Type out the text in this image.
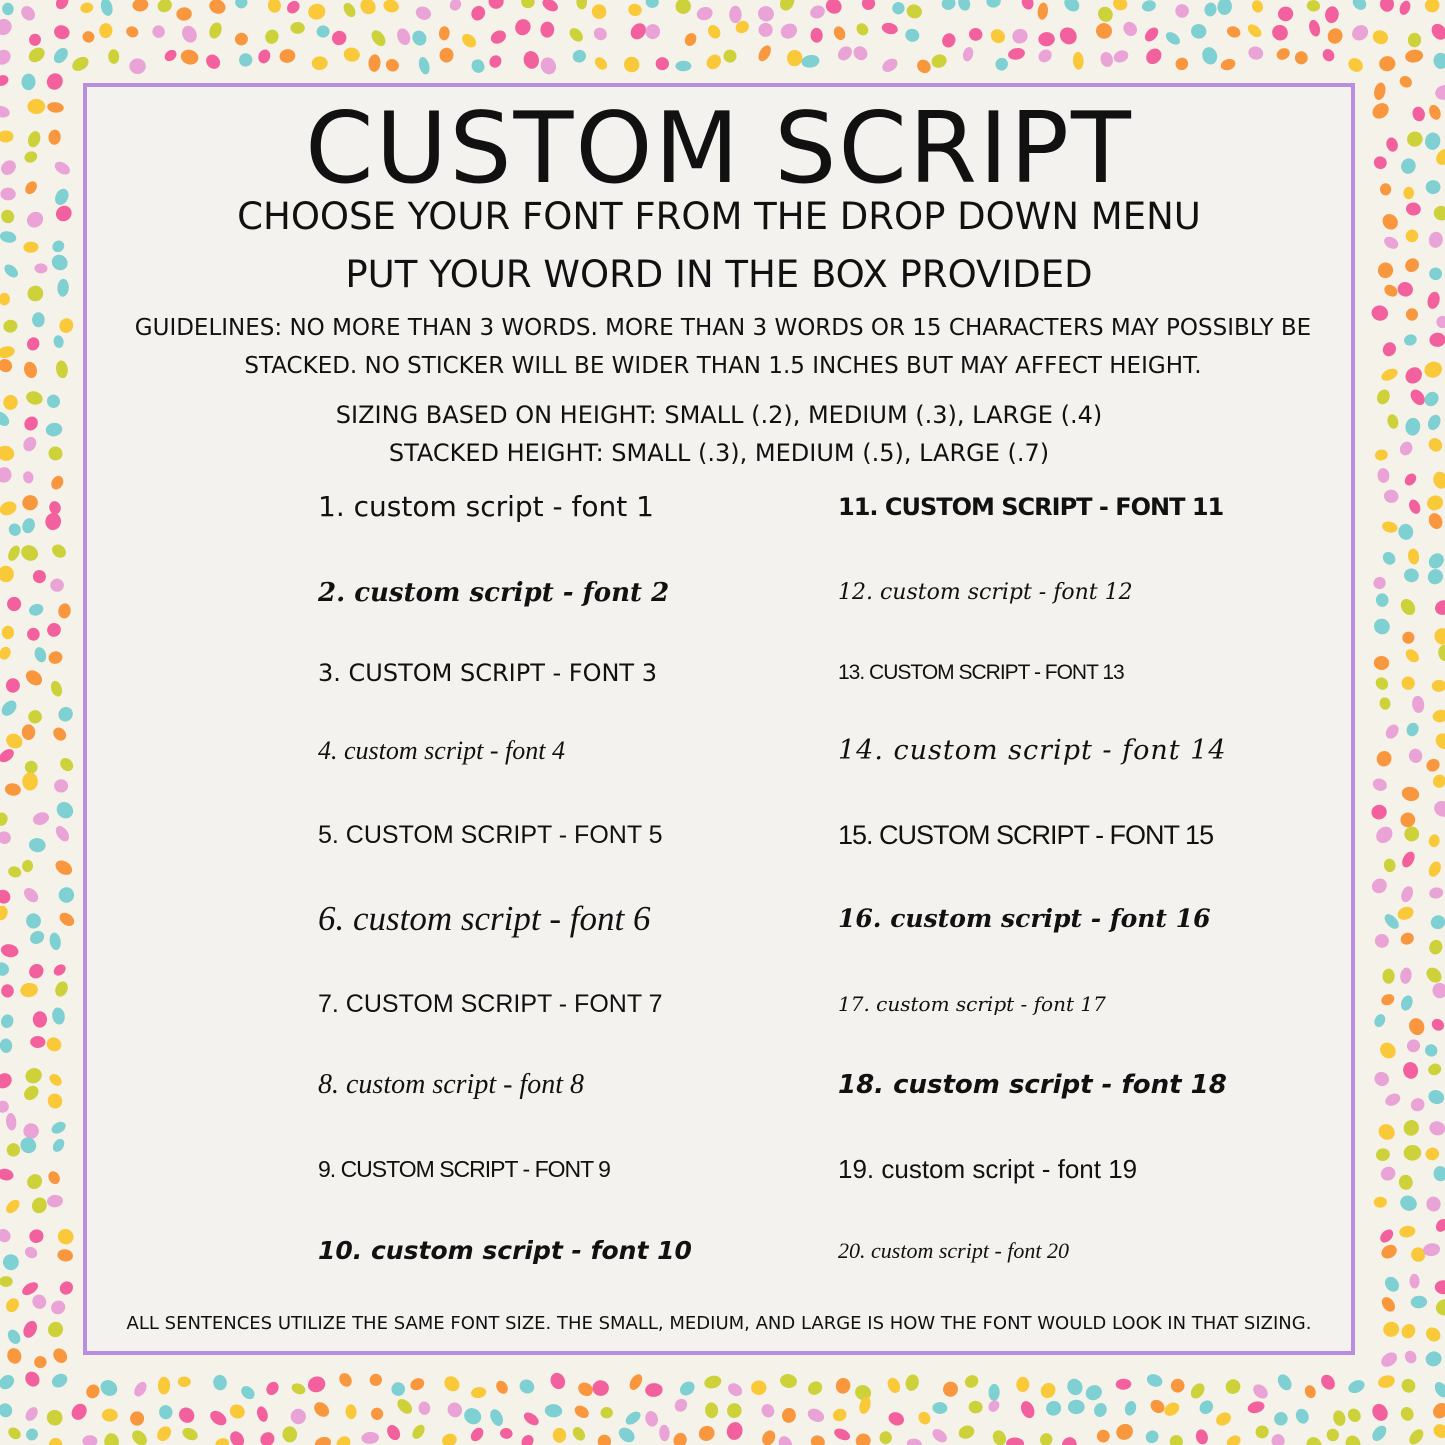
CUSTOM SCRIPT

CHOOSE YOUR FONT FROM THE DROP DOWN MENU

PUT YOUR WORD IN THE BOX PROVIDED

GUIDELINES: NO MORE THAN 3 WORDS. MORE THAN 3 WORDS OR 15 CHARACTERS MAY POSSIBLY BE
STACKED. NO STICKER WILL BE WIDER THAN 1.5 INCHES BUT MAY AFFECT HEIGHT.

SIZING BASED ON HEIGHT: SMALL (.2), MEDIUM (.3), LARGE (.4)

STACKED HEIGHT: SMALL (.3), MEDIUM (.5), LARGE (.7)

1. custom script - font 1
2. custom script - font 2
3. CUSTOM SCRIPT - FONT 3
4. custom script - font 4
5. CUSTOM SCRIPT - FONT 5
6. custom script - font 6
7. CUSTOM SCRIPT - FONT 7
8. custom script - font 8
9. CUSTOM SCRIPT - FONT 9
10. custom script - font 10
11. CUSTOM SCRIPT - FONT 11
12. custom script - font 12
13. CUSTOM SCRIPT - FONT 13
14. custom script - font 14
15. CUSTOM SCRIPT - FONT 15
16. custom script - font 16
17. custom script - font 17
18. custom script - font 18
19. custom script - font 19
20. custom script - font 20

ALL SENTENCES UTILIZE THE SAME FONT SIZE. THE SMALL, MEDIUM, AND LARGE IS HOW THE FONT WOULD LOOK IN THAT SIZING.
